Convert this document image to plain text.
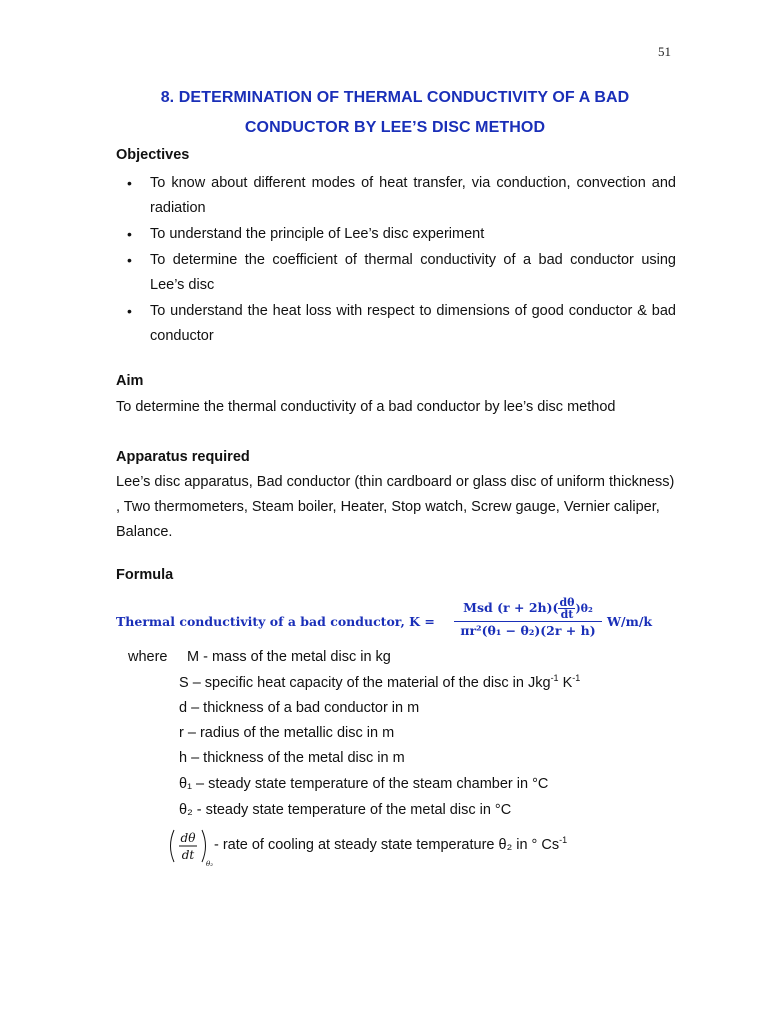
51
8. DETERMINATION OF THERMAL CONDUCTIVITY OF A BAD
CONDUCTOR BY LEE’S DISC METHOD
Objectives
• To know about different modes of heat transfer, via conduction, convection and radiation
• To understand the principle of Lee’s disc experiment
• To determine the coefficient of thermal conductivity of a bad conductor using Lee’s disc
• To understand the heat loss with respect to dimensions of good conductor & bad conductor
Aim
To determine the thermal conductivity of a bad conductor by lee’s disc method
Apparatus required
Lee’s disc apparatus, Bad conductor (thin cardboard or glass disc of uniform thickness) , Two thermometers, Steam boiler, Heater, Stop watch, Screw gauge, Vernier caliper, Balance.
Formula
Thermal conductivity of a bad conductor, K =
Msd $(r + 2h)( \frac{d\theta}{dt} )\theta_2$
πr²(θ₁ − θ₂)(2r + h)
W/m/k
where M - mass of the metal disc in kg
S – specific heat capacity of the material of the disc in Jkg$^{-1}$ $K^{-1}$
d – thickness of a bad conductor in m
r – radius of the metallic disc in m
h – thickness of the metal disc in m
θ₁ – steady state temperature of the steam chamber in °C
θ₂ - steady state temperature of the metal disc in °C
dθ
dt
θ₂
- rate of cooling at steady state temperature θ₂ in ° $Cs^{-1}$
